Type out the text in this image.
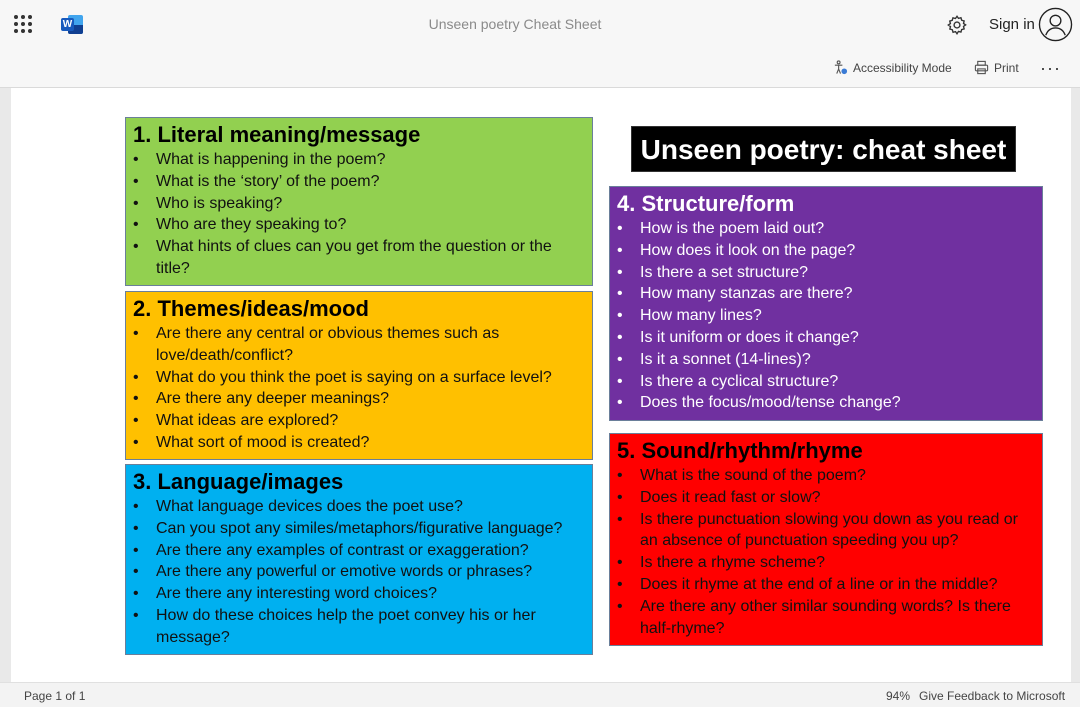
W	Unseen poetry Cheat Sheet	Sign in
Accessibility Mode	Print ···
1. Literal meaning/message
• What is happening in the poem?
• What is the ‘story’ of the poem?
• Who is speaking?
• Who are they speaking to?
• What hints of clues can you get from the question or the title?
2. Themes/ideas/mood
• Are there any central or obvious themes such as love/death/conflict?
• What do you think the poet is saying on a surface level?
• Are there any deeper meanings?
• What ideas are explored?
• What sort of mood is created?
3. Language/images
• What language devices does the poet use?
• Can you spot any similes/metaphors/figurative language?
• Are there any examples of contrast or exaggeration?
• Are there any powerful or emotive words or phrases?
• Are there any interesting word choices?
• How do these choices help the poet convey his or her message?
Unseen poetry: cheat sheet
4. Structure/form
• How is the poem laid out?
• How does it look on the page?
• Is there a set structure?
• How many stanzas are there?
• How many lines?
• Is it uniform or does it change?
• Is it a sonnet (14-lines)?
• Is there a cyclical structure?
• Does the focus/mood/tense change?
5. Sound/rhythm/rhyme
• What is the sound of the poem?
• Does it read fast or slow?
• Is there punctuation slowing you down as you read or an absence of punctuation speeding you up?
• Is there a rhyme scheme?
• Does it rhyme at the end of a line or in the middle?
• Are there any other similar sounding words? Is there half-rhyme?
Page 1 of 1	94% Give Feedback to Microsoft
